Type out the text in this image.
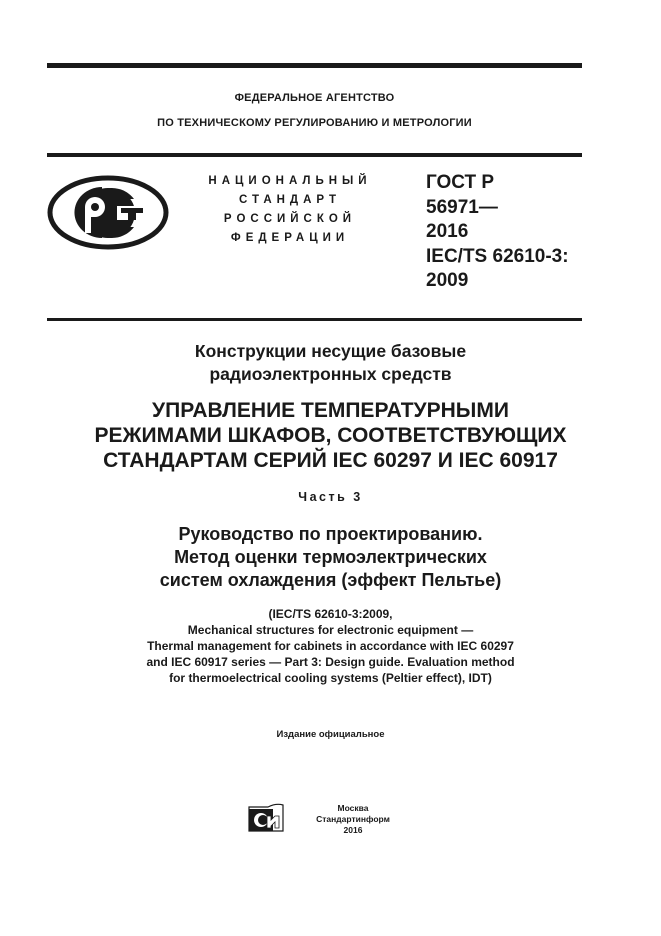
ФЕДЕРАЛЬНОЕ АГЕНТСТВО
ПО ТЕХНИЧЕСКОМУ РЕГУЛИРОВАНИЮ И МЕТРОЛОГИИ
НАЦИОНАЛЬНЫЙ
СТАНДАРТ
РОССИЙСКОЙ
ФЕДЕРАЦИИ
ГОСТ Р
56971—
2016
IEC/TS 62610-3:
2009
Конструкции несущие базовые
радиоэлектронных средств
УПРАВЛЕНИЕ ТЕМПЕРАТУРНЫМИ
РЕЖИМАМИ ШКАФОВ, СООТВЕТСТВУЮЩИХ
СТАНДАРТАМ СЕРИЙ IEC 60297 И IEC 60917
Часть 3
Руководство по проектированию.
Метод оценки термоэлектрических
систем охлаждения (эффект Пельтье)
(IEC/TS 62610-3:2009,
Mechanical structures for electronic equipment —
Thermal management for cabinets in accordance with IEC 60297
and IEC 60917 series — Part 3: Design guide. Evaluation method
for thermoelectrical cooling systems (Peltier effect), IDT)
Издание официальное
Москва
Стандартинформ
2016
